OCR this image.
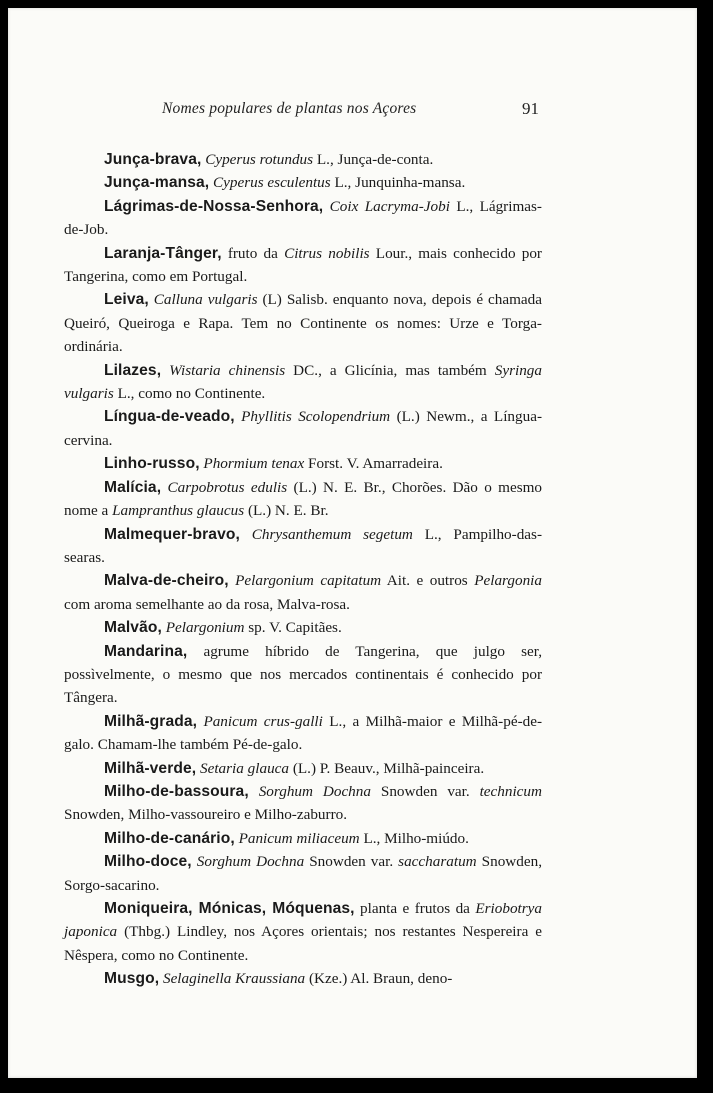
Nomes populares de plantas nos Açores	91

Junça-brava, Cyperus rotundus L., Junça-de-conta.

Junça-mansa, Cyperus esculentus L., Junquinha-mansa.

Lágrimas-de-Nossa-Senhora, Coix Lacryma-Jobi L., Lágrimas-de-Job.

Laranja-Tânger, fruto da Citrus nobilis Lour., mais conhecido por Tangerina, como em Portugal.

Leiva, Calluna vulgaris (L) Salisb. enquanto nova, depois é chamada Queiró, Queiroga e Rapa. Tem no Continente os nomes: Urze e Torga-ordinária.

Lilazes, Wistaria chinensis DC., a Glicínia, mas também Syringa vulgaris L., como no Continente.

Língua-de-veado, Phyllitis Scolopendrium (L.) Newm., a Língua-cervina.

Linho-russo, Phormium tenax Forst. V. Amarradeira.

Malícia, Carpobrotus edulis (L.) N. E. Br., Chorões. Dão o mesmo nome a Lampranthus glaucus (L.) N. E. Br.

Malmequer-bravo, Chrysanthemum segetum L., Pampilho-das-searas.

Malva-de-cheiro, Pelargonium capitatum Ait. e outros Pelargonia com aroma semelhante ao da rosa, Malva-rosa.

Malvão, Pelargonium sp. V. Capitães.

Mandarina, agrume híbrido de Tangerina, que julgo ser, possìvelmente, o mesmo que nos mercados continentais é conhecido por Tângera.

Milhã-grada, Panicum crus-galli L., a Milhã-maior e Milhã-pé-de-galo. Chamam-lhe também Pé-de-galo.

Milhã-verde, Setaria glauca (L.) P. Beauv., Milhã-painceira.

Milho-de-bassoura, Sorghum Dochna Snowden var. technicum Snowden, Milho-vassoureiro e Milho-zaburro.

Milho-de-canário, Panicum miliaceum L., Milho-miúdo.

Milho-doce, Sorghum Dochna Snowden var. saccharatum Snowden, Sorgo-sacarino.

Moniqueira, Mónicas, Móquenas, planta e frutos da Eriobotrya japonica (Thbg.) Lindley, nos Açores orientais; nos restantes Nespereira e Nêspera, como no Continente.

Musgo, Selaginella Kraussiana (Kze.) Al. Braun, deno-
